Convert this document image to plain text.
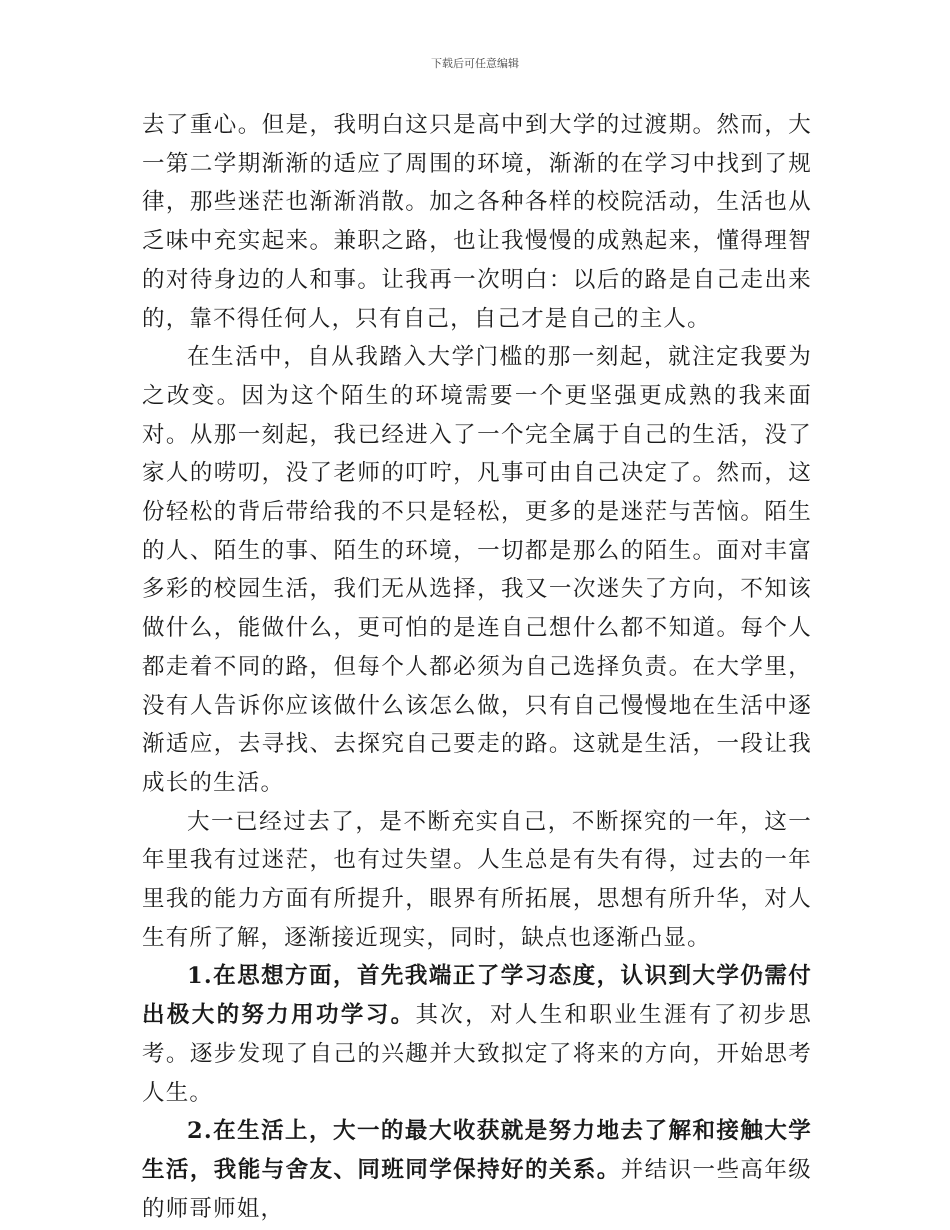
下载后可任意编辑

去了重心。但是，我明白这只是高中到大学的过渡期。然而，大一第二学期渐渐的适应了周围的环境，渐渐的在学习中找到了规律，那些迷茫也渐渐消散。加之各种各样的校院活动，生活也从乏味中充实起来。兼职之路，也让我慢慢的成熟起来，懂得理智的对待身边的人和事。让我再一次明白：以后的路是自己走出来的，靠不得任何人，只有自己，自己才是自己的主人。

在生活中，自从我踏入大学门槛的那一刻起，就注定我要为之改变。因为这个陌生的环境需要一个更坚强更成熟的我来面对。从那一刻起，我已经进入了一个完全属于自己的生活，没了家人的唠叨，没了老师的叮咛，凡事可由自己决定了。然而，这份轻松的背后带给我的不只是轻松，更多的是迷茫与苦恼。陌生的人、陌生的事、陌生的环境，一切都是那么的陌生。面对丰富多彩的校园生活，我们无从选择，我又一次迷失了方向，不知该做什么，能做什么，更可怕的是连自己想什么都不知道。每个人都走着不同的路，但每个人都必须为自己选择负责。在大学里，没有人告诉你应该做什么该怎么做，只有自己慢慢地在生活中逐渐适应，去寻找、去探究自己要走的路。这就是生活，一段让我成长的生活。

大一已经过去了，是不断充实自己，不断探究的一年，这一年里我有过迷茫，也有过失望。人生总是有失有得，过去的一年里我的能力方面有所提升，眼界有所拓展，思想有所升华，对人生有所了解，逐渐接近现实，同时，缺点也逐渐凸显。

1.在思想方面，首先我端正了学习态度，认识到大学仍需付出极大的努力用功学习。其次，对人生和职业生涯有了初步思考。逐步发现了自己的兴趣并大致拟定了将来的方向，开始思考人生。

2.在生活上，大一的最大收获就是努力地去了解和接触大学生活，我能与舍友、同班同学保持好的关系。并结识一些高年级的师哥师姐，
